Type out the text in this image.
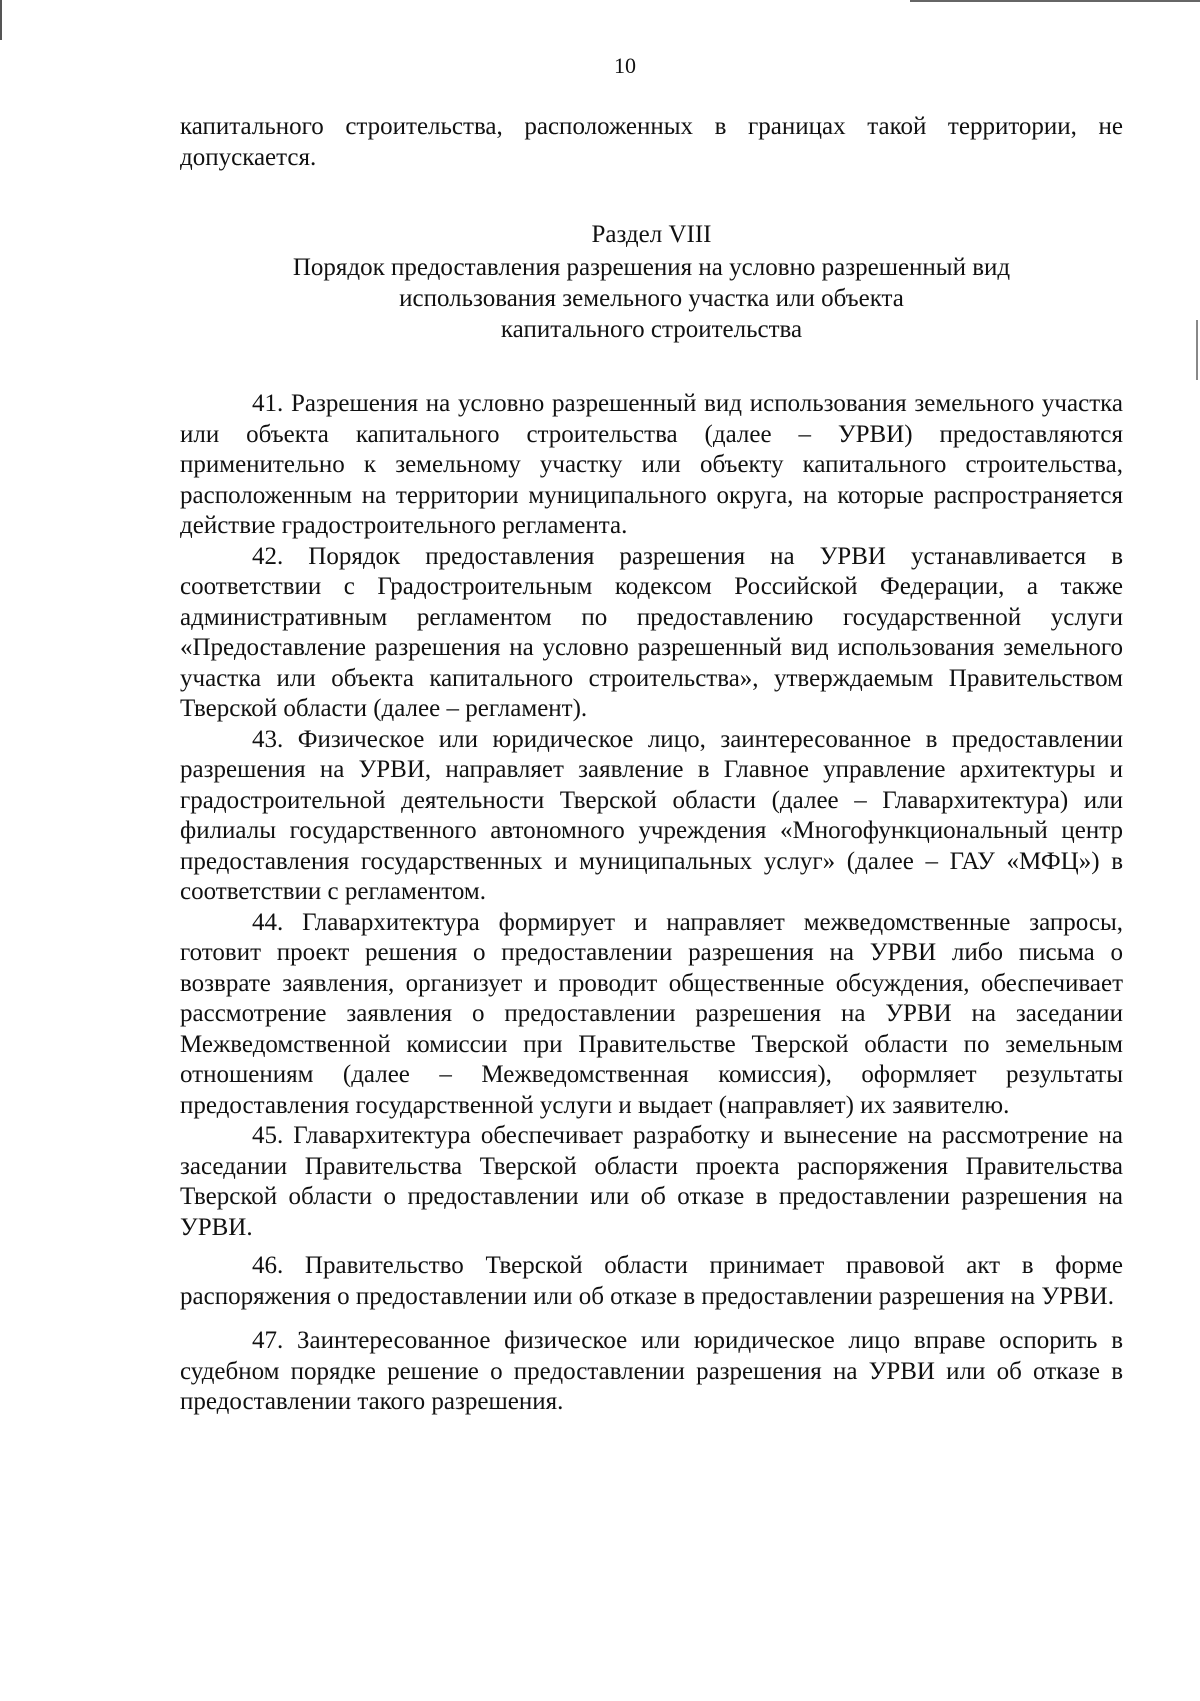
10

капитального строительства, расположенных в границах такой территории, не допускается.

Раздел VIII
Порядок предоставления разрешения на условно разрешенный вид
использования земельного участка или объекта
капитального строительства

41. Разрешения на условно разрешенный вид использования земельного участка или объекта капитального строительства (далее – УРВИ) предоставляются применительно к земельному участку или объекту капитального строительства, расположенным на территории муниципального округа, на которые распространяется действие градостроительного регламента.

42. Порядок предоставления разрешения на УРВИ устанавливается в соответствии с Градостроительным кодексом Российской Федерации, а также административным регламентом по предоставлению государственной услуги «Предоставление разрешения на условно разрешенный вид использования земельного участка или объекта капитального строительства», утверждаемым Правительством Тверской области (далее – регламент).

43. Физическое или юридическое лицо, заинтересованное в предоставлении разрешения на УРВИ, направляет заявление в Главное управление архитектуры и градостроительной деятельности Тверской области (далее – Главархитектура) или филиалы государственного автономного учреждения «Многофункциональный центр предоставления государственных и муниципальных услуг» (далее – ГАУ «МФЦ») в соответствии с регламентом.

44. Главархитектура формирует и направляет межведомственные запросы, готовит проект решения о предоставлении разрешения на УРВИ либо письма о возврате заявления, организует и проводит общественные обсуждения, обеспечивает рассмотрение заявления о предоставлении разрешения на УРВИ на заседании Межведомственной комиссии при Правительстве Тверской области по земельным отношениям (далее – Межведомственная комиссия), оформляет результаты предоставления государственной услуги и выдает (направляет) их заявителю.

45. Главархитектура обеспечивает разработку и вынесение на рассмотрение на заседании Правительства Тверской области проекта распоряжения Правительства Тверской области о предоставлении или об отказе в предоставлении разрешения на УРВИ.

46. Правительство Тверской области принимает правовой акт в форме распоряжения о предоставлении или об отказе в предоставлении разрешения на УРВИ.

47. Заинтересованное физическое или юридическое лицо вправе оспорить в судебном порядке решение о предоставлении разрешения на УРВИ или об отказе в предоставлении такого разрешения.
